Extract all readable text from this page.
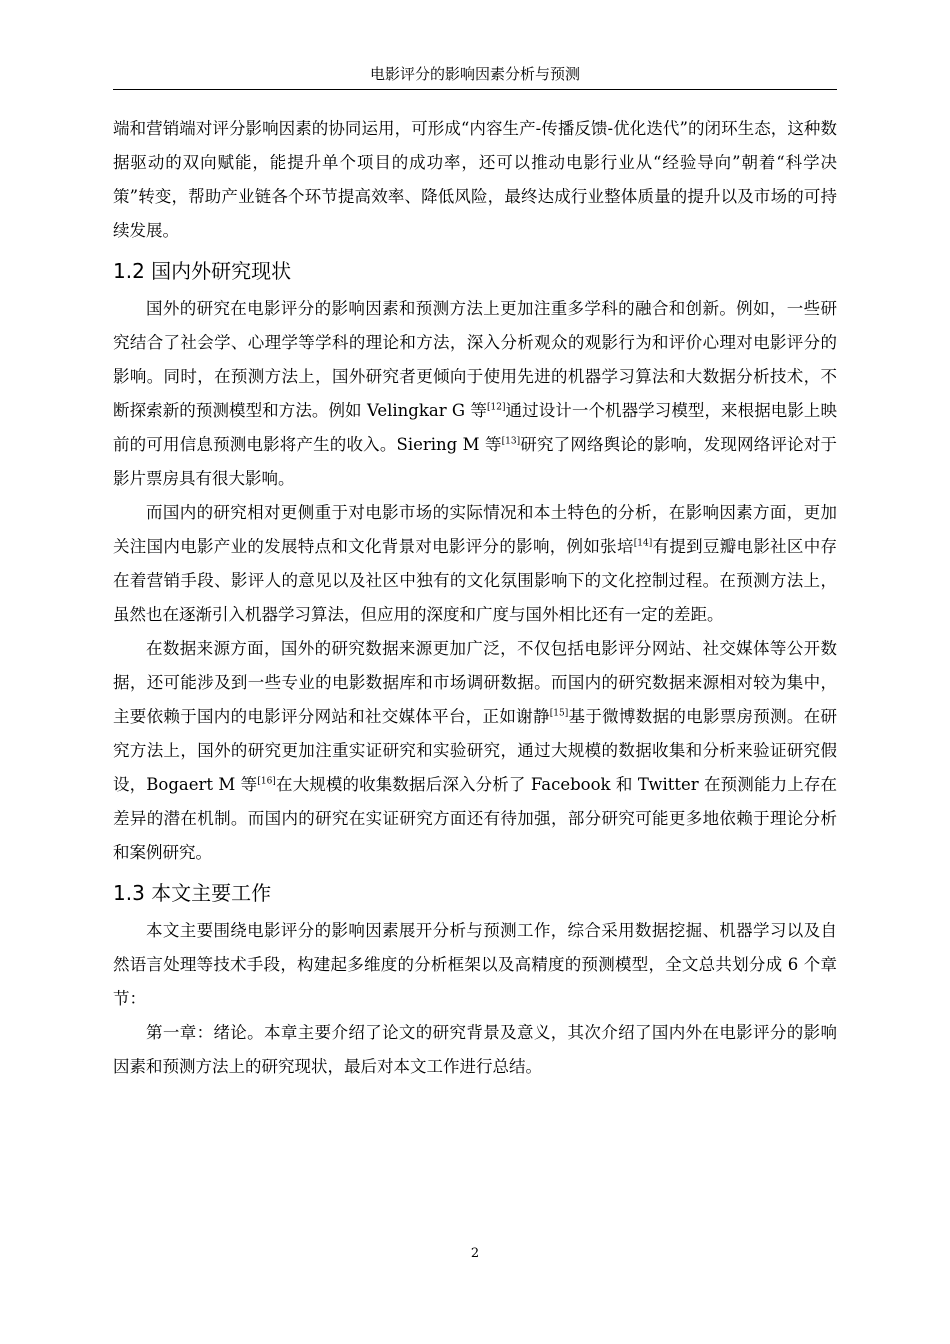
电影评分的影响因素分析与预测

端和营销端对评分影响因素的协同运用，可形成“内容生产-传播反馈-优化迭代”的闭环生态，这种数据驱动的双向赋能，能提升单个项目的成功率，还可以推动电影行业从“经验导向”朝着“科学决策”转变，帮助产业链各个环节提高效率、降低风险，最终达成行业整体质量的提升以及市场的可持续发展。

1.2 国内外研究现状

国外的研究在电影评分的影响因素和预测方法上更加注重多学科的融合和创新。例如，一些研究结合了社会学、心理学等学科的理论和方法，深入分析观众的观影行为和评价心理对电影评分的影响。同时，在预测方法上，国外研究者更倾向于使用先进的机器学习算法和大数据分析技术，不断探索新的预测模型和方法。例如 Velingkar G 等[12]通过设计一个机器学习模型，来根据电影上映前的可用信息预测电影将产生的收入。Siering M 等[13]研究了网络舆论的影响，发现网络评论对于影片票房具有很大影响。

而国内的研究相对更侧重于对电影市场的实际情况和本土特色的分析，在影响因素方面，更加关注国内电影产业的发展特点和文化背景对电影评分的影响，例如张培[14]有提到豆瓣电影社区中存在着营销手段、影评人的意见以及社区中独有的文化氛围影响下的文化控制过程。在预测方法上，虽然也在逐渐引入机器学习算法，但应用的深度和广度与国外相比还有一定的差距。

在数据来源方面，国外的研究数据来源更加广泛，不仅包括电影评分网站、社交媒体等公开数据，还可能涉及到一些专业的电影数据库和市场调研数据。而国内的研究数据来源相对较为集中，主要依赖于国内的电影评分网站和社交媒体平台，正如谢静[15]基于微博数据的电影票房预测。在研究方法上，国外的研究更加注重实证研究和实验研究，通过大规模的数据收集和分析来验证研究假设，Bogaert M 等[16]在大规模的收集数据后深入分析了 Facebook 和 Twitter 在预测能力上存在差异的潜在机制。而国内的研究在实证研究方面还有待加强，部分研究可能更多地依赖于理论分析和案例研究。

1.3 本文主要工作

本文主要围绕电影评分的影响因素展开分析与预测工作，综合采用数据挖掘、机器学习以及自然语言处理等技术手段，构建起多维度的分析框架以及高精度的预测模型，全文总共划分成 6 个章节：

第一章：绪论。本章主要介绍了论文的研究背景及意义，其次介绍了国内外在电影评分的影响因素和预测方法上的研究现状，最后对本文工作进行总结。

2
